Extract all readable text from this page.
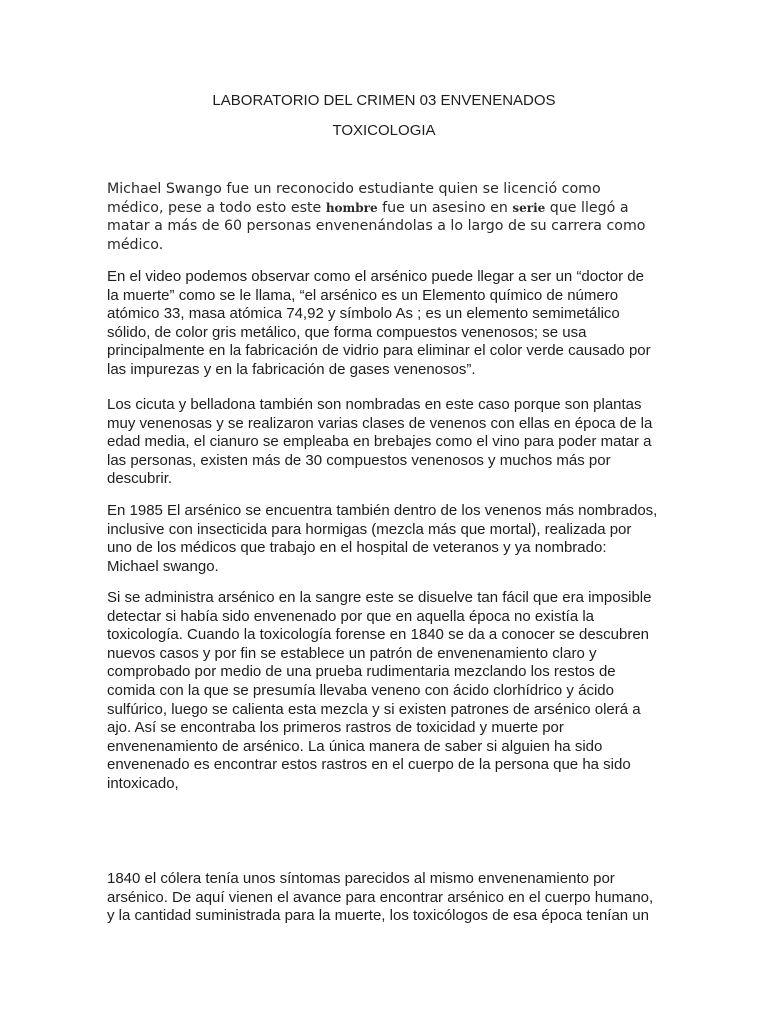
LABORATORIO DEL CRIMEN 03 ENVENENADOS
TOXICOLOGIA
Michael Swango fue un reconocido estudiante quien se licenció como
médico, pese a todo esto este hombre fue un asesino en serie que llegó a
matar a más de 60 personas envenenándolas a lo largo de su carrera como
médico.
En el video podemos observar como el arsénico puede llegar a ser un “doctor de
la muerte” como se le llama, “el arsénico es un Elemento químico de número
atómico 33, masa atómica 74,92 y símbolo As ; es un elemento semimetálico
sólido, de color gris metálico, que forma compuestos venenosos; se usa
principalmente en la fabricación de vidrio para eliminar el color verde causado por
las impurezas y en la fabricación de gases venenosos”.
Los cicuta y belladona también son nombradas en este caso porque son plantas
muy venenosas y se realizaron varias clases de venenos con ellas en época de la
edad media, el cianuro se empleaba en brebajes como el vino para poder matar a
las personas, existen más de 30 compuestos venenosos y muchos más por
descubrir.
En 1985 El arsénico se encuentra también dentro de los venenos más nombrados,
inclusive con insecticida para hormigas (mezcla más que mortal), realizada por
uno de los médicos que trabajo en el hospital de veteranos y ya nombrado:
Michael swango.
Si se administra arsénico en la sangre este se disuelve tan fácil que era imposible
detectar si había sido envenenado por que en aquella época no existía la
toxicología. Cuando la toxicología forense en 1840 se da a conocer se descubren
nuevos casos y por fin se establece un patrón de envenenamiento claro y
comprobado por medio de una prueba rudimentaria mezclando los restos de
comida con la que se presumía llevaba veneno con ácido clorhídrico y ácido
sulfúrico, luego se calienta esta mezcla y si existen patrones de arsénico olerá a
ajo. Así se encontraba los primeros rastros de toxicidad y muerte por
envenenamiento de arsénico. La única manera de saber si alguien ha sido
envenenado es encontrar estos rastros en el cuerpo de la persona que ha sido
intoxicado,
1840 el cólera tenía unos síntomas parecidos al mismo envenenamiento por
arsénico. De aquí vienen el avance para encontrar arsénico en el cuerpo humano,
y la cantidad suministrada para la muerte, los toxicólogos de esa época tenían un
